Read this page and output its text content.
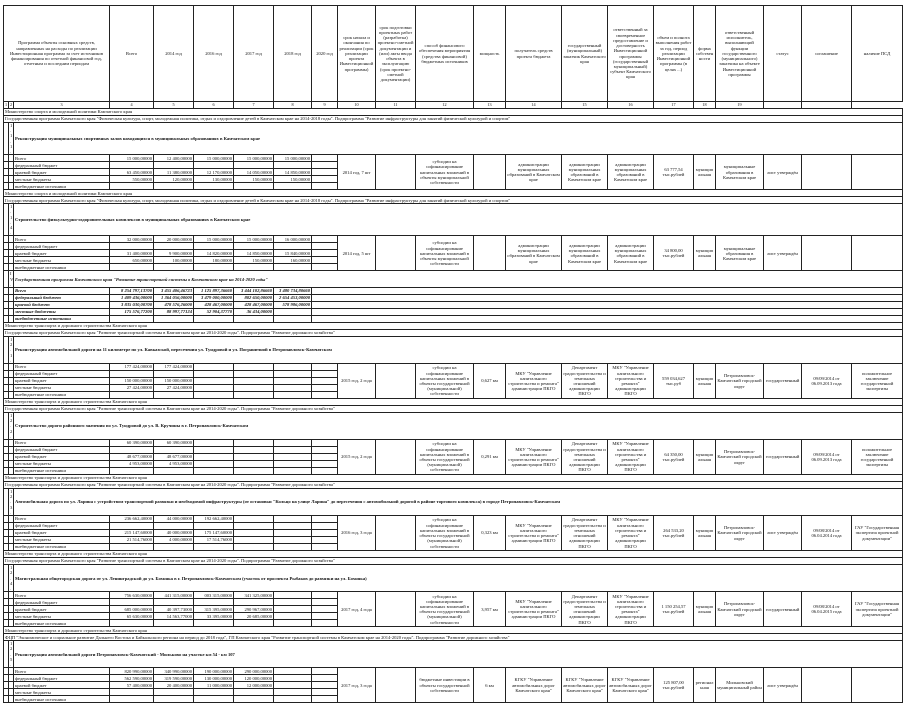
Программа объекты основных средств, направленных на расходы по реализации Инвестиционная программа за счет источников финансирования по отчетной финансовой год, отчетным и последним периодам			Всего	2014 год	2016 год	2017 год	2018 год	2020 год	срок начала и окончания по реализации (срок реализации проекта Инвестиционной программы)	срок подготовки проектных работ (разработка) проектно-сметной документации и (или) акты ввода объекта в эксплуатацию (срок проектно-сметной документации)	способ финансового обеспечения мероприятия (средства финансовой) бюджетных источников	мощность	получатель средств проекта бюджета	государственный (муниципальный) заказчик Камчатского края	ответственный за своевременное предоставление и достоверность Инвестиционной программы (государственный муниципальный) субъект Камчатского края	объем и полнота выполнения работ за год, период реализации Инвестиционной программы (в целях ...)	форма собственности	ответственный исполнитель, выполняющий функции государственного (муниципального) заказчика на объекте Инвестиционной программы	статус	соглашение	наличие ПСД
1	2	3	4	5	6	7	8	9	10	11	12	13	14	15	16	17	18	19			
Министерство спорта и молодежной политики Камчатского края																					
Государственная программа Камчатского края "Физическая культура, спорт, молодежная политика, отдых и оздоровление детей в Камчатском крае на 2014-2018 годы". Подпрограмма "Развитие инфраструктуры для занятий физической культурой и спортом"																					
	1.1.1.	Реконструкция муниципальных спортивных залов находящихся в муниципальных образованиях в Камчатском крае																			
		Всего	15 000,00000	12 400,00000	15 000,00000	15 000,00000	15 000,00000		2014 год, 7 шт		субсидии на софинансирование капитальных вложений в объекты муниципальной собственности		администрации муниципальных образований в Камчатском крае	администрации муниципальных образований в Камчатском крае	администрации муниципальных образований в Камчатском крае	63 777,54 тыс.рублей	муниципальная	муниципальные образования в Камчатском крае	лист утверждён		
		федеральный бюджет																			
		краевой бюджет	63 450,00000	11 380,00000	12 170,00000	14 050,00000	14 850,00000														
		местные бюджеты	550,00000	120,00000	130,00000	150,00000	150,00000														
		внебюджетные источники																			
Министерство спорта и молодежной политики Камчатского края																					
Государственная программа Камчатского края "Физическая культура, спорт, молодежная политика, отдых и оздоровление детей в Камчатском крае на 2014-2018 годы". Подпрограмма "Развитие инфраструктуры для занятий физической культурой и спортом"																					
	1.1.4.	Строительство физкультурно-оздоровительных комплексов в муниципальных образованиях в Камчатском крае																			
		Всего	32 000,00000	20 000,00000	15 000,00000	15 000,00000	16 000,00000		2014 год, 5 шт		субсидии на софинансирование капитальных вложений в объекты муниципальной собственности		администрации муниципальных образований в Камчатском крае	администрации муниципальных образований в Камчатском крае	администрации муниципальных образований в Камчатском крае	34 800,00 тыс.рублей	муниципальная	муниципальные образования в Камчатском крае	лист утверждён		
		федеральный бюджет																			
		краевой бюджет	31 400,00000	9 900,00000	14 820,00000	14 850,00000	15 840,00000														
		местные бюджеты	650,00000	100,00000	180,00000	150,00000	160,00000														
		внебюджетные источники																			
	IV.	Государственная программа Камчатского края "Развитие транспортной системы в Камчатском крае на 2014-2020 годы"																			
		Всего	8 254 797,13700	3 455 406,46723	1 125 897,36660	3 444 102,86660	3 480 734,80660														
		федеральный бюджет	1 409 436,00000	1 364 056,00000	3 479 000,00000	802 650,00000	2 654 453,00000														
		краевой бюджет	3 835 030,00700	478 576,26000	428 467,00000	428 467,00000	578 986,00000														
		местные бюджеты	175 576,77200	88 997,77124	52 904,37770	36 434,00000															
		внебюджетные источники																			
Министерство транспорта и дорожного строительства Камчатского края																					
Государственная программа Камчатского края "Развитие транспортной системы в Камчатском крае на 2014-2020 годы". Подпрограмма "Развитие дорожного хозяйства"																					
	12.1.	Реконструкция автомобильной дороги на 11 километре по ул. Кавказской, пересечения ул. Тундровой и ул. Пограничной в Петропавловск-Камчатском																			
		Всего	177 424,00000	177 424,00000					2015 год, 2 года		субсидии на софинансирование капитальных вложений в объекты государственной (муниципальной) собственности	0,627 км	МКУ "Управление капитального строительства и ремонта" администрации ПКГО	Департамент градостроительства и земельных отношений администрации ПКГО	МКУ "Управление капитального строительства и ремонта" администрации ПКГО	559 034,627 тыс.руб	муниципальная	Петропавловск-Камчатский городской округ	государственный	09/09/2014 от 06.09.2013 года	положительное заключение государственной экспертизы
		федеральный бюджет																			
		краевой бюджет	150 000,00000	150 000,00000																	
		местные бюджеты	27 424,00000	27 424,00000																	
		внебюджетные источники																			
Министерство транспорта и дорожного строительства Камчатского края																					
Государственная программа Камчатского края "Развитие транспортной системы в Камчатском крае на 2014-2020 годы". Подпрограмма "Развитие дорожного хозяйства"																					
	12.2.	Строительство дороги районного значения по ул. Тундровой до ул. В. Кручины в г. Петропавловск-Камчатском																			
		Всего	60 390,00000	60 390,00000					2015 год, 2 года		субсидии на софинансирование капитальных вложений в объекты государственной (муниципальной) собственности	0,291 км	МКУ "Управление капитального строительства и ремонта" администрации ПКГО	Департамент градостроительства и земельных отношений администрации ПКГО	МКУ "Управление капитального строительства и ремонта" администрации ПКГО	64 350,00 тыс.рублей	муниципальная	Петропавловск-Камчатский городской округ	государственный	09/09/2014 от 06.09.2013 года	положительное заключение государственной экспертизы
		федеральный бюджет																			
		краевой бюджет	48 677,00000	48 677,00000																	
		местные бюджеты	4 953,00000	4 953,00000																	
		внебюджетные источники																			
Министерство транспорта и дорожного строительства Камчатского края																					
Государственная программа Камчатского края "Развитие транспортной системы в Камчатском крае на 2014-2020 годы". Подпрограмма "Развитие дорожного хозяйства"																					
	12.3.	Автомобильная дорога по ул. Ларина с устройством транспортной развязки и необходимой инфраструктуры (от остановки "Кольцо на улице Ларина" до пересечения с автомобильной дорогой в районе торгового комплекса) в городе Петропавловск-Камчатском																			
		Всего	236 662,40000	44 000,00000	192 662,40000				2016 год, 3 года		субсидии на софинансирование капитальных вложений в объекты государственной (муниципальной) собственности	0,323 км	МКУ "Управление капитального строительства и ремонта" администрации ПКГО	Департамент градостроительства и земельных отношений администрации ПКГО	МКУ "Управление капитального строительства и ремонта" администрации ПКГО	264 533,20 тыс.рублей	муниципальная	Петропавловск-Камчатский городской округ	лист утверждён	09/08/2014 от 06.04.2014 года	ГАУ "Государственная экспертиза проектной документации"
		федеральный бюджет																			
		краевой бюджет	215 147,60000	40 000,00000	175 147,60000																
		местные бюджеты	21 514,76000	4 000,00000	17 514,76000																
		внебюджетные источники																			
Министерство транспорта и дорожного строительства Камчатского края																					
Государственная программа Камчатского края "Развитие транспортной системы в Камчатском крае на 2014-2020 годы". Подпрограмма "Развитие дорожного хозяйства"																					
	12.4.	Магистральная общегородская дорога от ул. Ленинградской до ул. Бохняка в г. Петропавловск-Камчатском (участок от проспекта Рыбаков до развязки на ул. Бохняка)																			
		Всего	756 630,00000	441 315,00000	003 315,00000	341 325,00000			2017 год, 4 года		субсидии на софинансирование капитальных вложений в объекты государственной (муниципальной) собственности	3,957 км	МКУ "Управление капитального строительства и ремонта" администрации ПКГО	Департамент градостроительства и земельных отношений администрации ПКГО	МКУ "Управление капитального строительства и ремонта" администрации ПКГО	1 150 254,57 тыс.рублей	муниципальная	Петропавловск-Камчатский городской округ	государственный	09/08/2014 от 06.04.2015 года	ГАУ "Государственная экспертиза проектной документации"
		федеральный бюджет																			
		краевой бюджет	685 000,00000	40 397,73000	315 395,00000	290 967,00000															
		местные бюджеты	65 630,00000	14 563,77000	33 395,00000	20 685,00000															
		внебюджетные источники																			
Министерство транспорта и дорожного строительства Камчатского края																					
ФЦП "Экономическое и социальное развитие Дальнего Востока и Байкальского региона на период до 2018 года", ГП Камчатского края "Развитие транспортной системы в Камчатском крае на 2014-2020 годы". Подпрограмма "Развитие дорожного хозяйства"																					
	12.5.	Реконструкция автомобильной дороги Петропавловск-Камчатский - Мильково на участке км 54 - км 107																			
		Всего	820 990,00000	340 990,00000	190 000,00000	290 000,00000			2017 год, 3 года		бюджетные инвестиции в объекты государственной собственности	6 км	КГКУ "Управление автомобильных дорог Камчатского края"	КГКУ "Управление автомобильных дорог Камчатского края"	КГКУ "Управление автомобильных дорог Камчатского края"	125 807,00 тыс.рублей	региональная	Мильковский муниципальный район	лист утверждён		
		федеральный бюджет	562 590,00000	319 590,00000	130 000,00000	120 000,00000															
		краевой бюджет	57 400,00000	20 400,00000	11 000,00000	12 000,00000															
		местные бюджеты																			
		внебюджетные источники																			
